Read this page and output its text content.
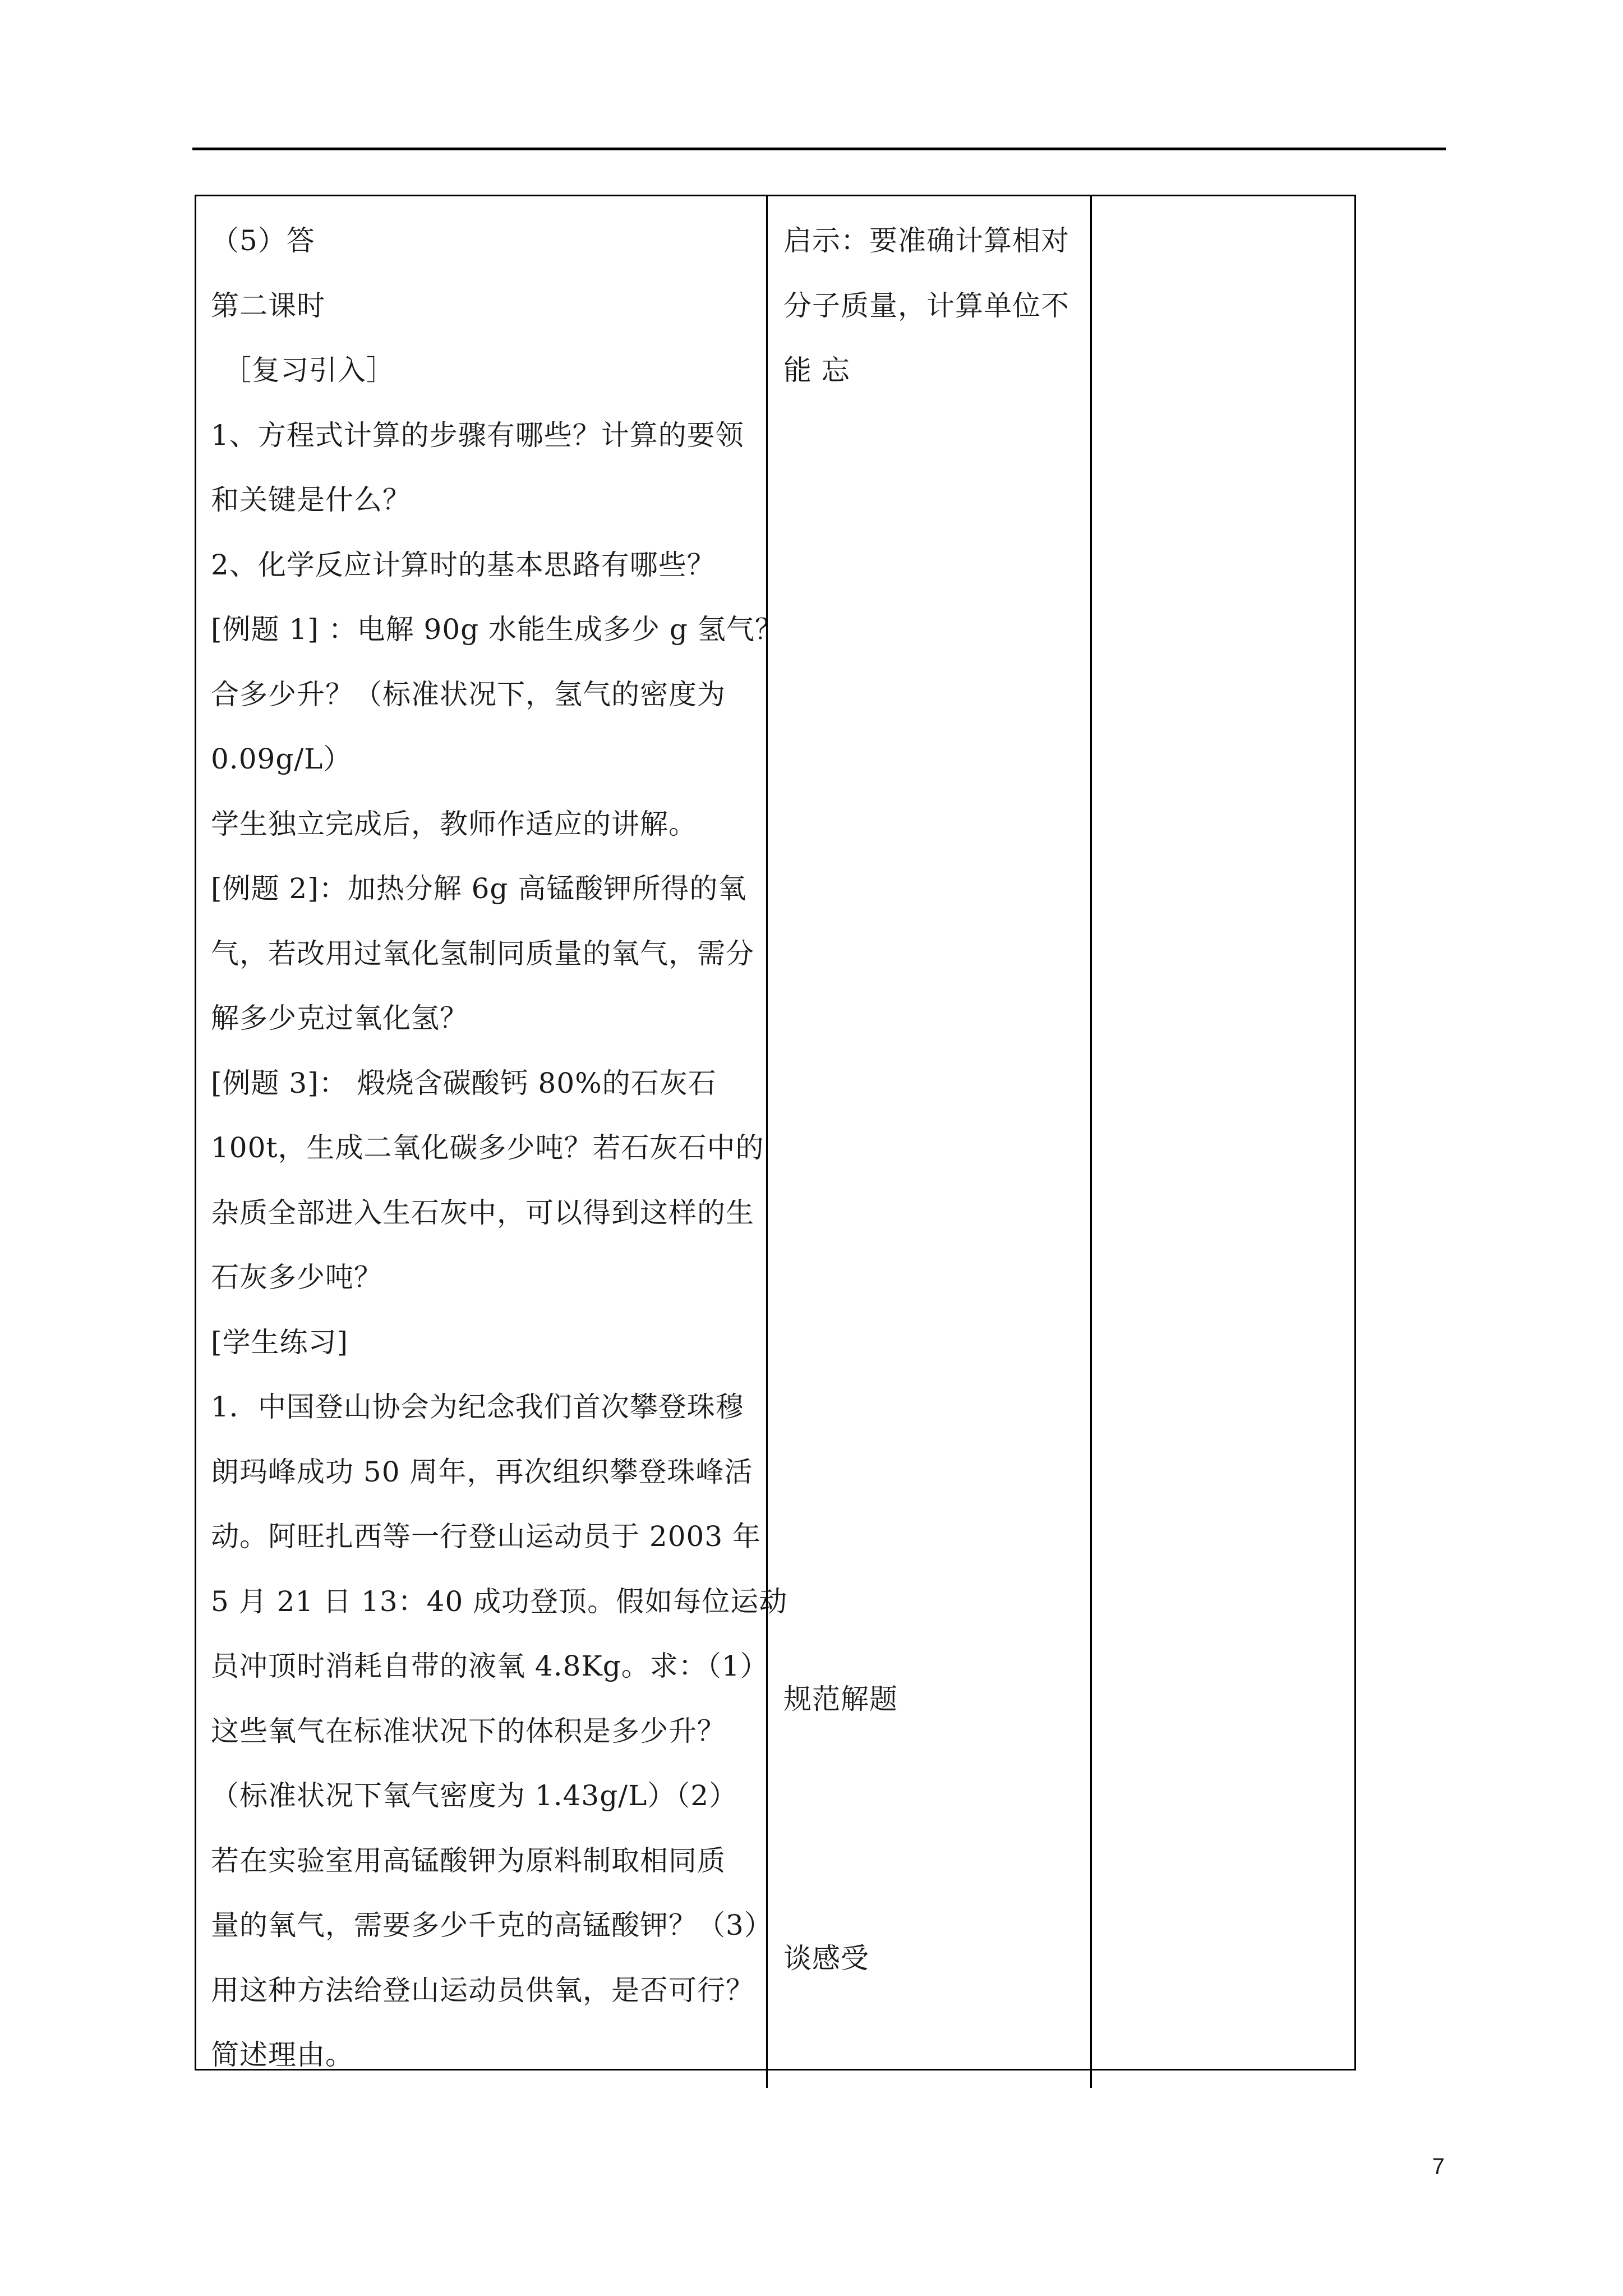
（5）答
第二课时
［复习引入］
1、方程式计算的步骤有哪些？计算的要领
和关键是什么？
2、化学反应计算时的基本思路有哪些？
[例题 1] ：电解 90g 水能生成多少 g 氢气？
合多少升？（标准状况下，氢气的密度为
0.09g/L）
学生独立完成后，教师作适应的讲解。
[例题 2]：加热分解 6g 高锰酸钾所得的氧
气，若改用过氧化氢制同质量的氧气，需分
解多少克过氧化氢？
[例题 3]： 煅烧含碳酸钙 80%的石灰石
100t，生成二氧化碳多少吨？若石灰石中的
杂质全部进入生石灰中，可以得到这样的生
石灰多少吨？
[学生练习]
1．中国登山协会为纪念我们首次攀登珠穆
朗玛峰成功 50 周年，再次组织攀登珠峰活
动。阿旺扎西等一行登山运动员于 2003 年
5 月 21 日 13：40 成功登顶。假如每位运动
员冲顶时消耗自带的液氧 4.8Kg。求：（1）
这些氧气在标准状况下的体积是多少升？
（标准状况下氧气密度为 1.43g/L）（2）
若在实验室用高锰酸钾为原料制取相同质
量的氧气，需要多少千克的高锰酸钾？（3）
用这种方法给登山运动员供氧，是否可行？
简述理由。
启示：要准确计算相对
分子质量，计算单位不
能 忘
规范解题
谈感受
7
